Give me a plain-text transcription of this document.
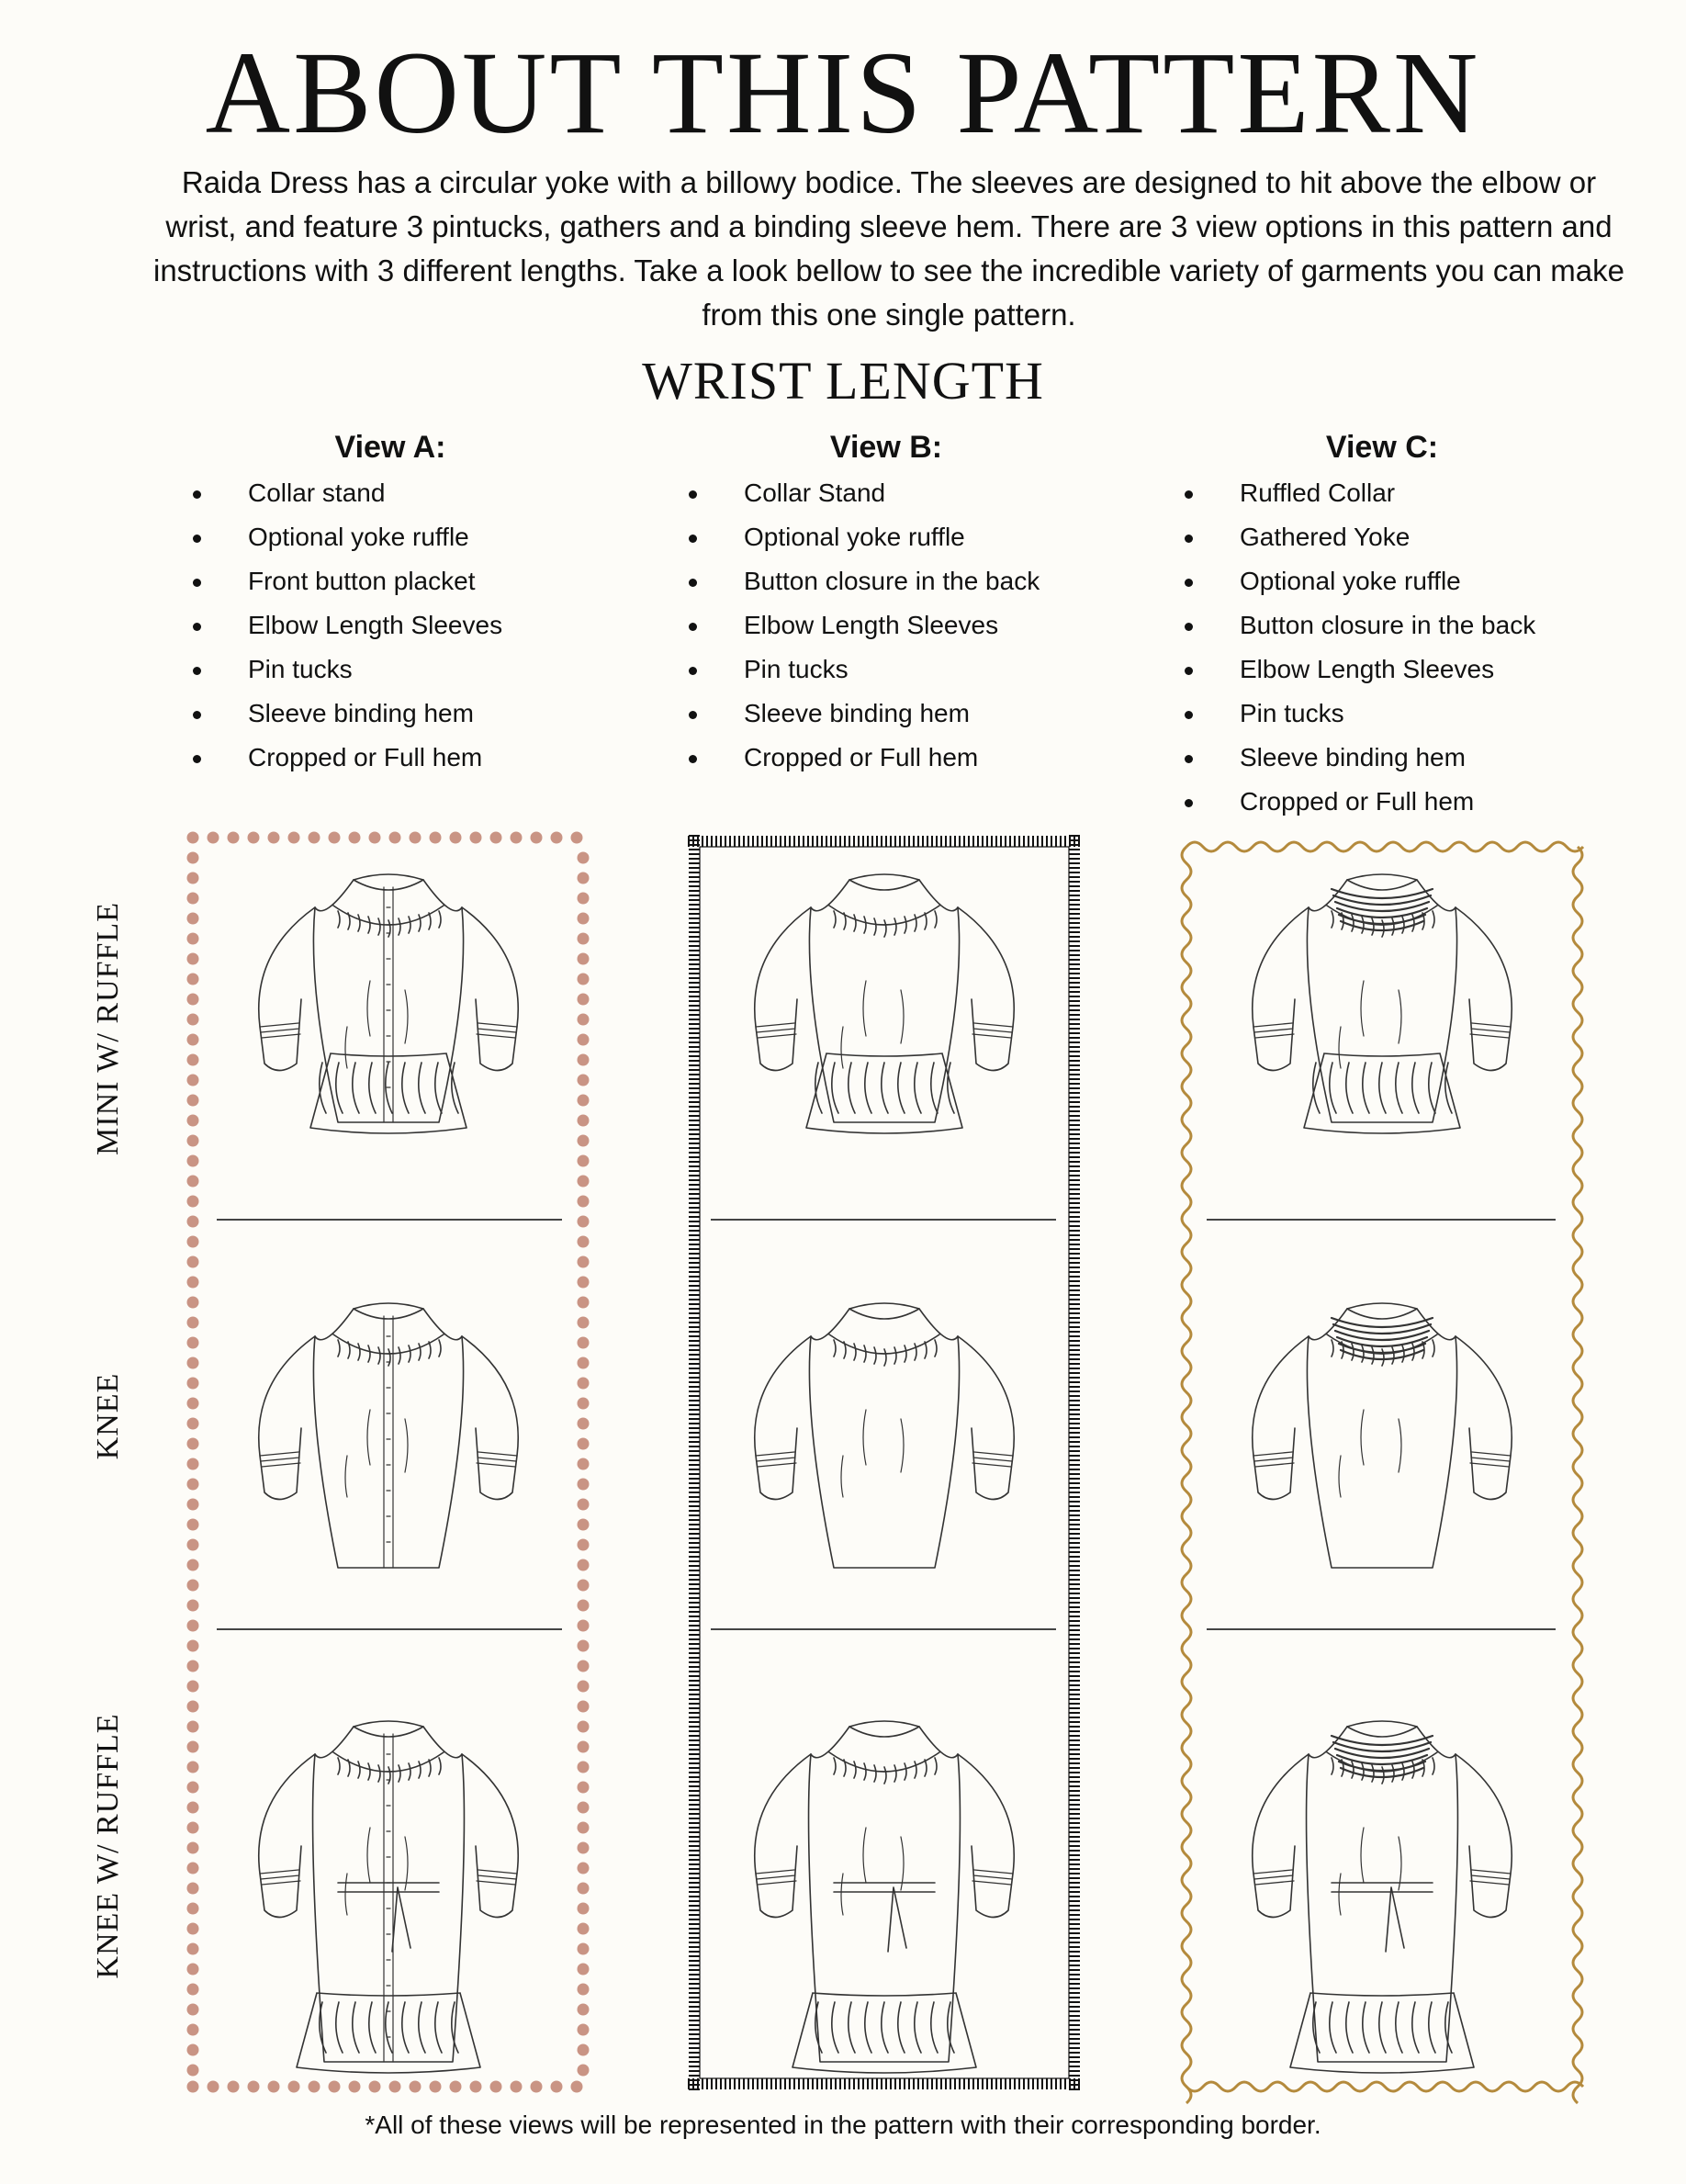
ABOUT THIS PATTERN
Raida Dress has a circular yoke with a billowy bodice. The sleeves are designed to hit above the elbow or wrist, and feature 3 pintucks, gathers and a binding sleeve hem. There are 3 view options in this pattern and instructions with 3 different lengths. Take a look bellow to see the incredible variety of garments you can make from this one single pattern.
WRIST LENGTH
View A:	View B:	View C:
Collar stand
Optional yoke ruffle
Front button placket
Elbow Length Sleeves
Pin tucks
Sleeve binding hem
Cropped or Full hem
Collar Stand
Optional yoke ruffle
Button closure in the back
Elbow Length Sleeves
Pin tucks
Sleeve binding hem
Cropped or Full hem
Ruffled Collar
Gathered Yoke
Optional yoke ruffle
Button closure in the back
Elbow Length Sleeves
Pin tucks
Sleeve binding hem
Cropped or Full hem
MINI W/ RUFFLE
KNEE
KNEE W/ RUFFLE
*All of these views will be represented in the pattern with their corresponding border.
